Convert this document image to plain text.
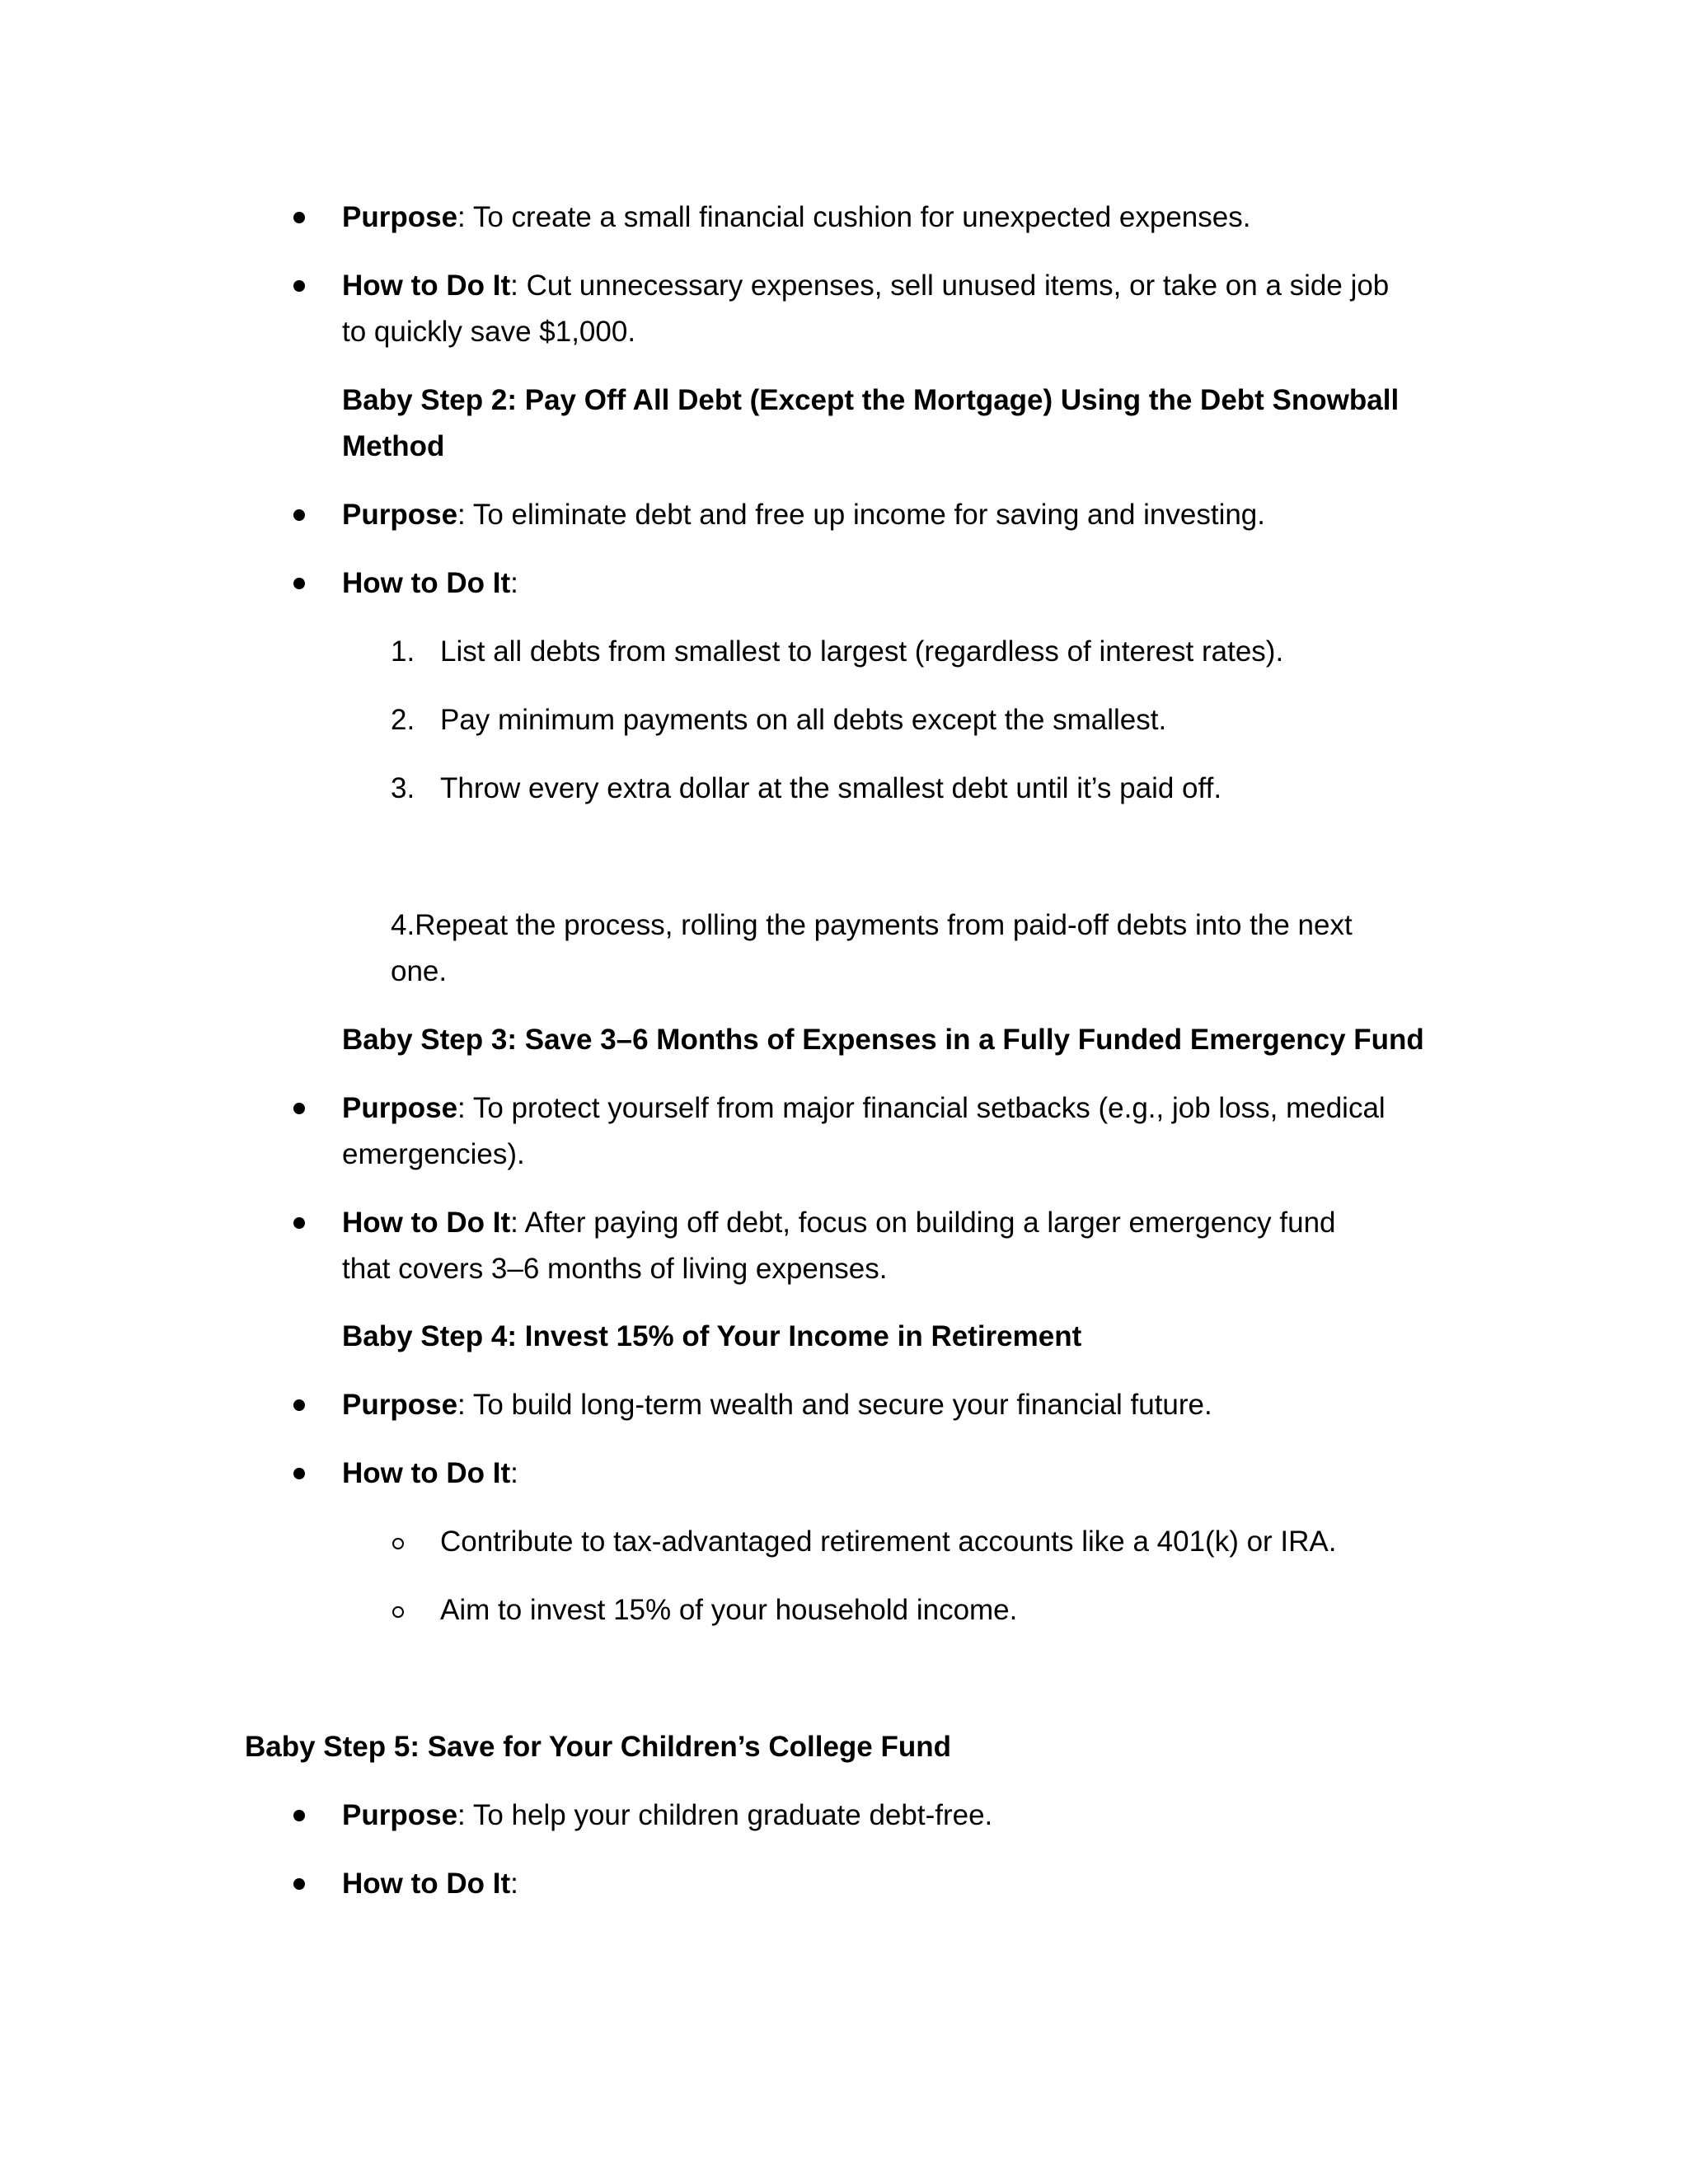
Purpose: To create a small financial cushion for unexpected expenses.
How to Do It: Cut unnecessary expenses, sell unused items, or take on a side job
to quickly save $1,000.
Baby Step 2: Pay Off All Debt (Except the Mortgage) Using the Debt Snowball
Method
Purpose: To eliminate debt and free up income for saving and investing.
How to Do It:
1. List all debts from smallest to largest (regardless of interest rates).
2. Pay minimum payments on all debts except the smallest.
3. Throw every extra dollar at the smallest debt until it’s paid off.
4.Repeat the process, rolling the payments from paid-off debts into the next
one.
Baby Step 3: Save 3–6 Months of Expenses in a Fully Funded Emergency Fund
Purpose: To protect yourself from major financial setbacks (e.g., job loss, medical
emergencies).
How to Do It: After paying off debt, focus on building a larger emergency fund
that covers 3–6 months of living expenses.
Baby Step 4: Invest 15% of Your Income in Retirement
Purpose: To build long-term wealth and secure your financial future.
How to Do It:
Contribute to tax-advantaged retirement accounts like a 401(k) or IRA.
Aim to invest 15% of your household income.
Baby Step 5: Save for Your Children’s College Fund
Purpose: To help your children graduate debt-free.
How to Do It:
